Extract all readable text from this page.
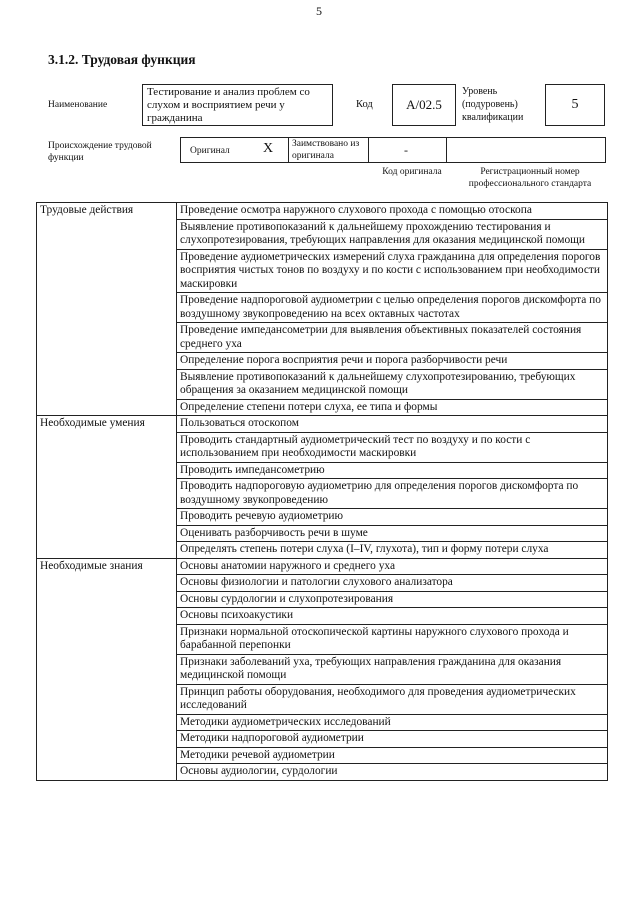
5
3.1.2. Трудовая функция
Наименование
Тестирование и анализ проблем со слухом и восприятием речи у гражданина
Код	А/02.5
Уровень (подуровень) квалификации
5
Происхождение трудовой функции
Оригинал Х Заимствовано из оригинала	-
Код оригинала	Регистрационный номер профессионального стандарта
Трудовые действия	Проведение осмотра наружного слухового прохода с помощью отоскопа
	Выявление противопоказаний к дальнейшему прохождению тестирования и слухопротезирования, требующих направления для оказания медицинской помощи
	Проведение аудиометрических измерений слуха гражданина для определения порогов восприятия чистых тонов по воздуху и по кости с использованием при необходимости маскировки
	Проведение надпороговой аудиометрии с целью определения порогов дискомфорта по воздушному звукопроведению на всех октавных частотах
	Проведение импедансометрии для выявления объективных показателей состояния среднего уха
	Определение порога восприятия речи и порога разборчивости речи
	Выявление противопоказаний к дальнейшему слухопротезированию, требующих обращения за оказанием медицинской помощи
	Определение степени потери слуха, ее типа и формы
Необходимые умения	Пользоваться отоскопом
	Проводить стандартный аудиометрический тест по воздуху и по кости с использованием при необходимости маскировки
	Проводить импедансометрию
	Проводить надпороговую аудиометрию для определения порогов дискомфорта по воздушному звукопроведению
	Проводить речевую аудиометрию
	Оценивать разборчивость речи в шуме
	Определять степень потери слуха (I–IV, глухота), тип и форму потери слуха
Необходимые знания	Основы анатомии наружного и среднего уха
	Основы физиологии и патологии слухового анализатора
	Основы сурдологии и слухопротезирования
	Основы психоакустики
	Признаки нормальной отоскопической картины наружного слухового прохода и барабанной перепонки
	Признаки заболеваний уха, требующих направления гражданина для оказания медицинской помощи
	Принцип работы оборудования, необходимого для проведения аудиометрических исследований
	Методики аудиометрических исследований
	Методики надпороговой аудиометрии
	Методики речевой аудиометрии
	Основы аудиологии, сурдологии
